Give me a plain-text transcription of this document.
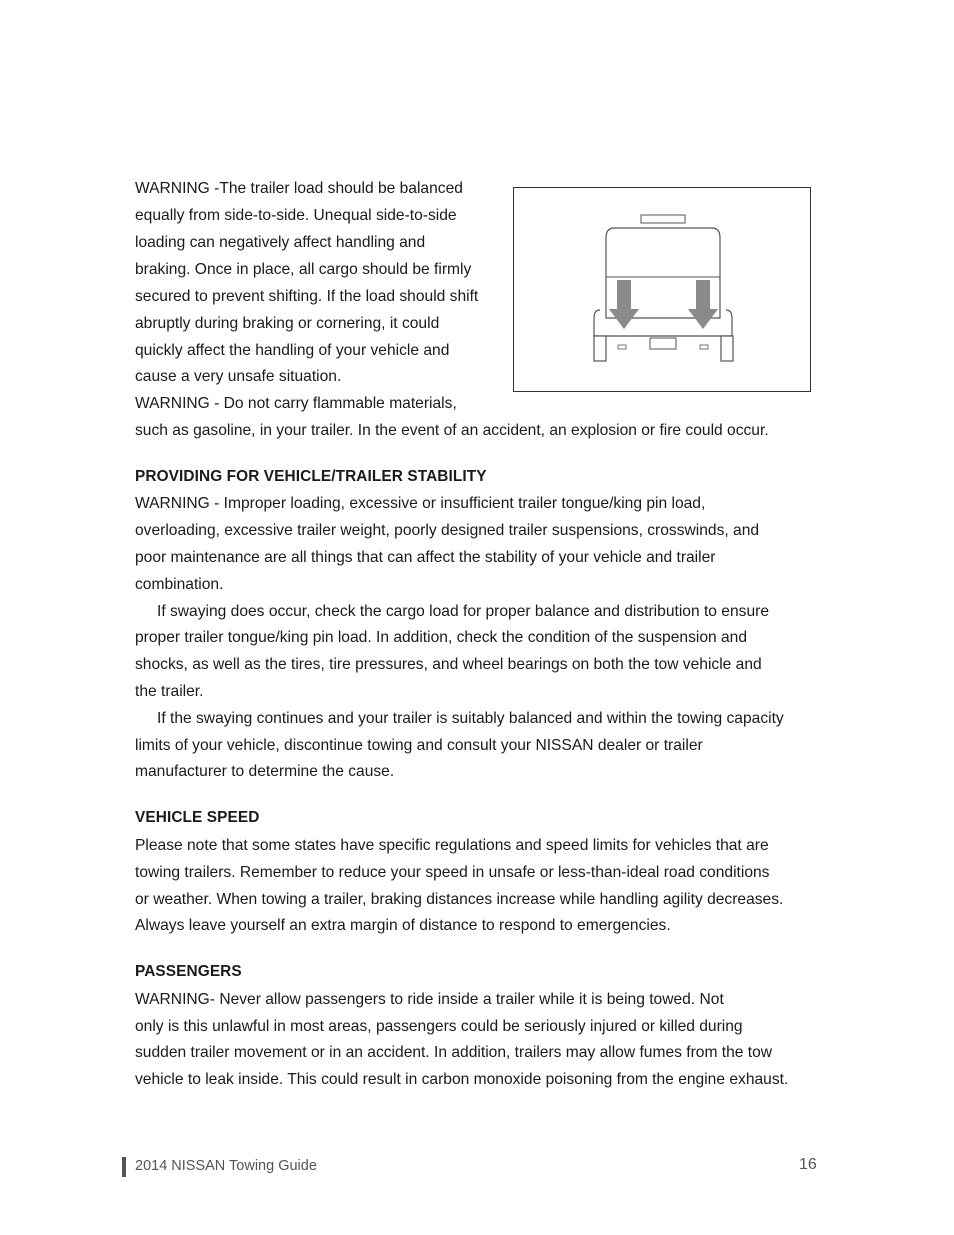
WARNING -The trailer load should be balanced
equally from side-to-side. Unequal side-to-side
loading can negatively affect handling and
braking. Once in place, all cargo should be firmly
secured to prevent shifting. If the load should shift
abruptly during braking or cornering, it could
quickly affect the handling of your vehicle and
cause a very unsafe situation.
WARNING - Do not carry flammable materials,
such as gasoline, in your trailer. In the event of an accident, an explosion or fire could occur.
PROVIDING FOR VEHICLE/TRAILER STABILITY
WARNING - Improper loading, excessive or insufficient trailer tongue/king pin load,
overloading, excessive trailer weight, poorly designed trailer suspensions, crosswinds, and
poor maintenance are all things that can affect the stability of your vehicle and trailer
combination.
If swaying does occur, check the cargo load for proper balance and distribution to ensure
proper trailer tongue/king pin load. In addition, check the condition of the suspension and
shocks, as well as the tires, tire pressures, and wheel bearings on both the tow vehicle and
the trailer.
If the swaying continues and your trailer is suitably balanced and within the towing capacity
limits of your vehicle, discontinue towing and consult your NISSAN dealer or trailer
manufacturer to determine the cause.
VEHICLE SPEED
Please note that some states have specific regulations and speed limits for vehicles that are
towing trailers. Remember to reduce your speed in unsafe or less-than-ideal road conditions
or weather. When towing a trailer, braking distances increase while handling agility decreases.
Always leave yourself an extra margin of distance to respond to emergencies.
PASSENGERS
WARNING- Never allow passengers to ride inside a trailer while it is being towed. Not
only is this unlawful in most areas, passengers could be seriously injured or killed during
sudden trailer movement or in an accident. In addition, trailers may allow fumes from the tow
vehicle to leak inside. This could result in carbon monoxide poisoning from the engine exhaust.
2014 NISSAN Towing Guide	16
